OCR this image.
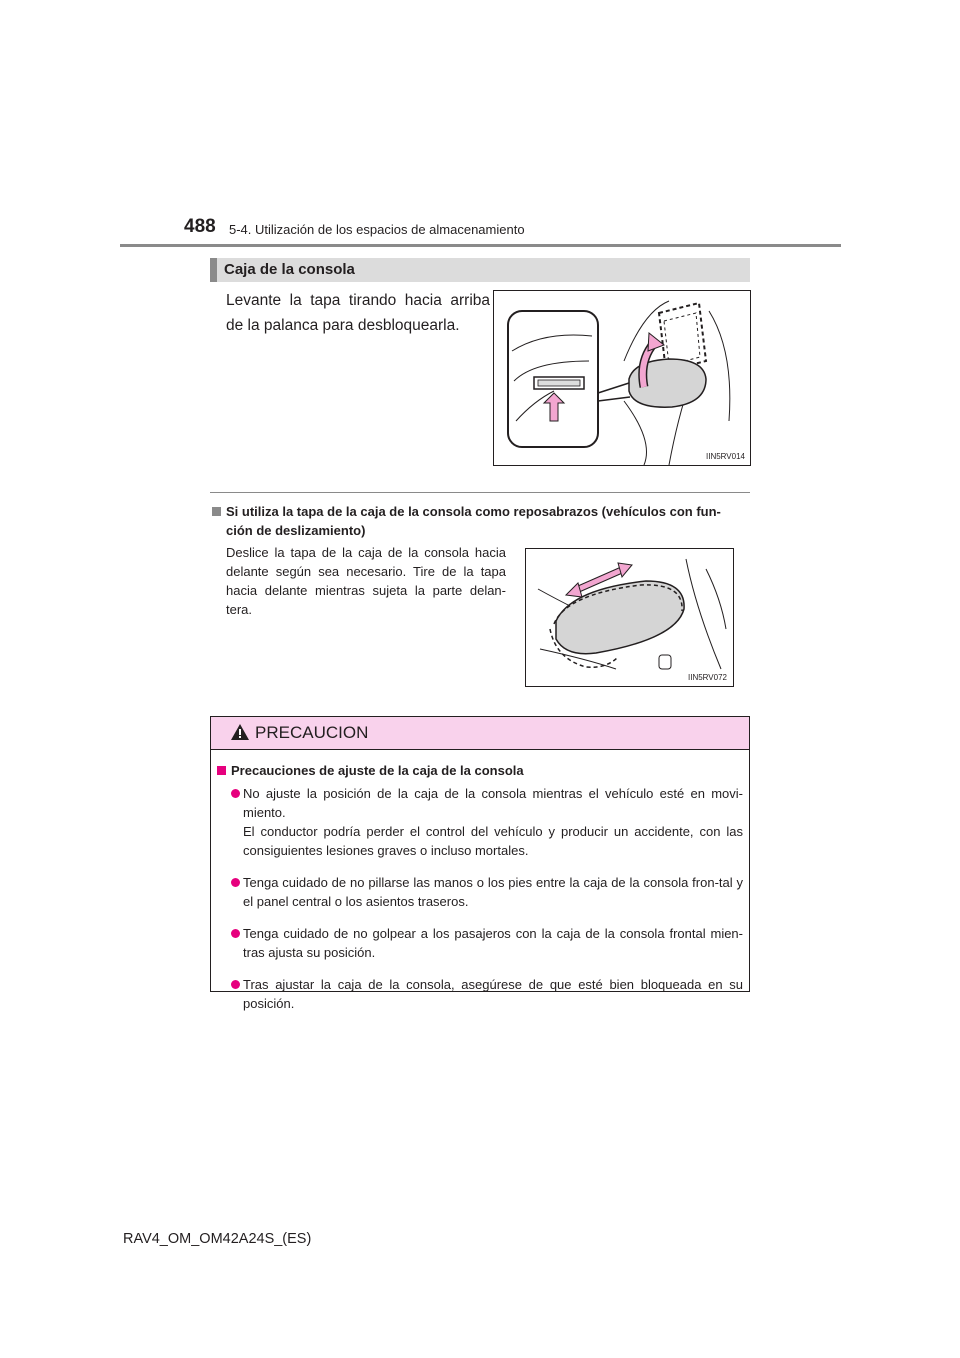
488 5-4. Utilización de los espacios de almacenamiento
Caja de la consola
Levante la tapa tirando hacia arriba de la palanca para desbloquearla.
IIN5RV014
Si utiliza la tapa de la caja de la consola como reposabrazos (vehículos con fun-
ción de deslizamiento)
Deslice la tapa de la caja de la consola hacia delante según sea necesario. Tire de la tapa hacia delante mientras sujeta la parte delan-tera.
IIN5RV072
PRECAUCION
Precauciones de ajuste de la caja de la consola
No ajuste la posición de la caja de la consola mientras el vehículo esté en movi-miento.
El conductor podría perder el control del vehículo y producir un accidente, con las consiguientes lesiones graves o incluso mortales.
Tenga cuidado de no pillarse las manos o los pies entre la caja de la consola fron-tal y el panel central o los asientos traseros.
Tenga cuidado de no golpear a los pasajeros con la caja de la consola frontal mien-tras ajusta su posición.
Tras ajustar la caja de la consola, asegúrese de que esté bien bloqueada en su posición.
RAV4_OM_OM42A24S_(ES)
